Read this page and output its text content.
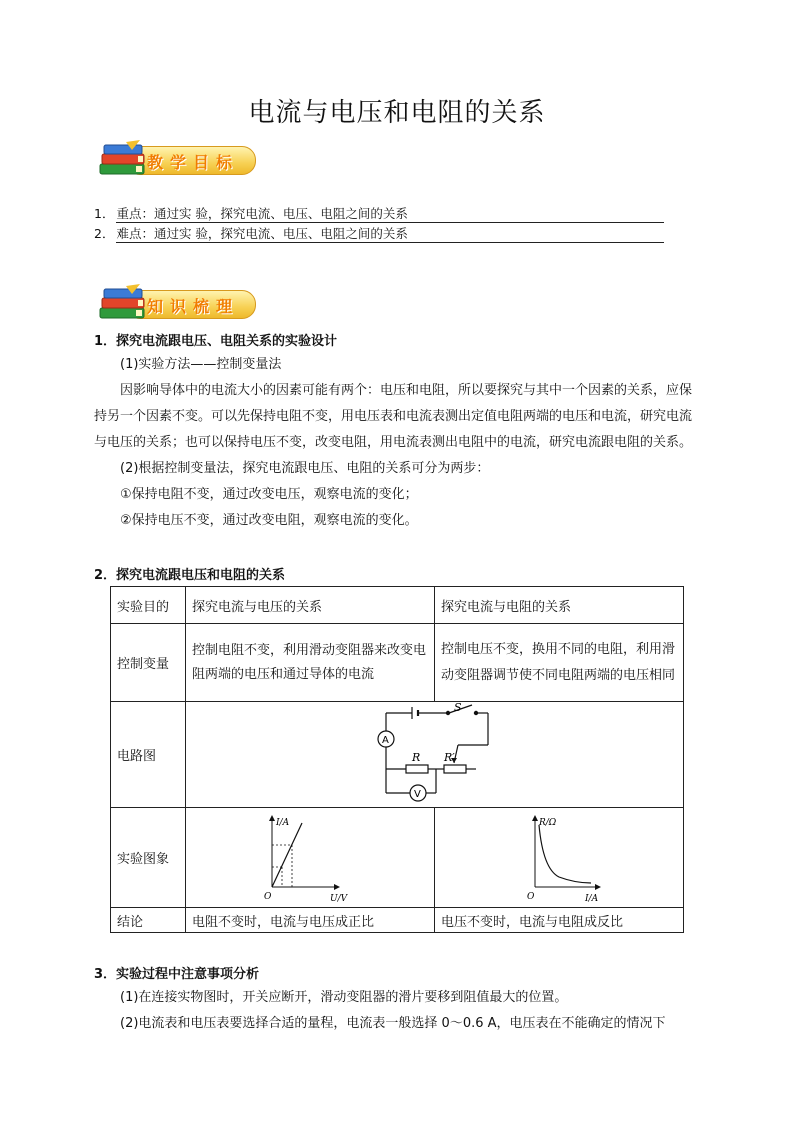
电流与电压和电阻的关系
教学目标
1． 重点：通过实 验，探究电流、电压、电阻之间的关系
2． 难点：通过实 验，探究电流、电压、电阻之间的关系
知识梳理
1．探究电流跟电压、电阻关系的实验设计
(1)实验方法——控制变量法
因影响导体中的电流大小的因素可能有两个：电压和电阻，所以要探究与其中一个因素的关系，应保持另一个因素不变。可以先保持电阻不变，用电压表和电流表测出定值电阻两端的电压和电流，研究电流与电压的关系；也可以保持电压不变，改变电阻，用电流表测出电阻中的电流，研究电流跟电阻的关系。
(2)根据控制变量法，探究电流跟电压、电阻的关系可分为两步：
①保持电阻不变，通过改变电压，观察电流的变化；
②保持电压不变，通过改变电阻，观察电流的变化。
2．探究电流跟电压和电阻的关系
实验目的	探究电流与电压的关系	探究电流与电阻的关系
控制变量	控制电阻不变，利用滑动变阻器来改变电阻两端的电压和通过导体的电流	控制电压不变，换用不同的电阻，利用滑动变阻器调节使不同电阻两端的电压相同
电路图	S
A
V
R R′	

实验图象	I/A
U/V
O	R/Ω
I/A
O

结论	电阻不变时，电流与电压成正比	电压不变时，电流与电阻成反比
3．实验过程中注意事项分析
(1)在连接实物图时，开关应断开，滑动变阻器的滑片要移到阻值最大的位置。
(2)电流表和电压表要选择合适的量程，电流表一般选择 0～0.6 A，电压表在不能确定的情况下
